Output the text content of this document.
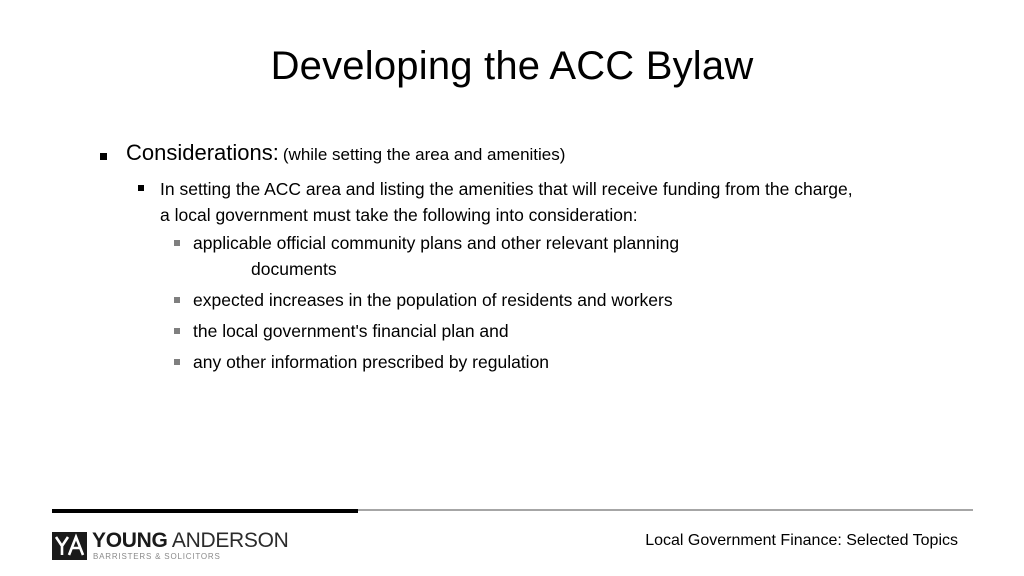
Developing the ACC Bylaw
Considerations: (while setting the area and amenities)
In setting the ACC area and listing the amenities that will receive funding from the charge, a local government must take the following into consideration:
applicable official community plans and other relevant planning
documents
expected increases in the population of residents and workers
the local government's financial plan and
any other information prescribed by regulation
YOUNG ANDERSON
BARRISTERS & SOLICITORS
Local Government Finance: Selected Topics
